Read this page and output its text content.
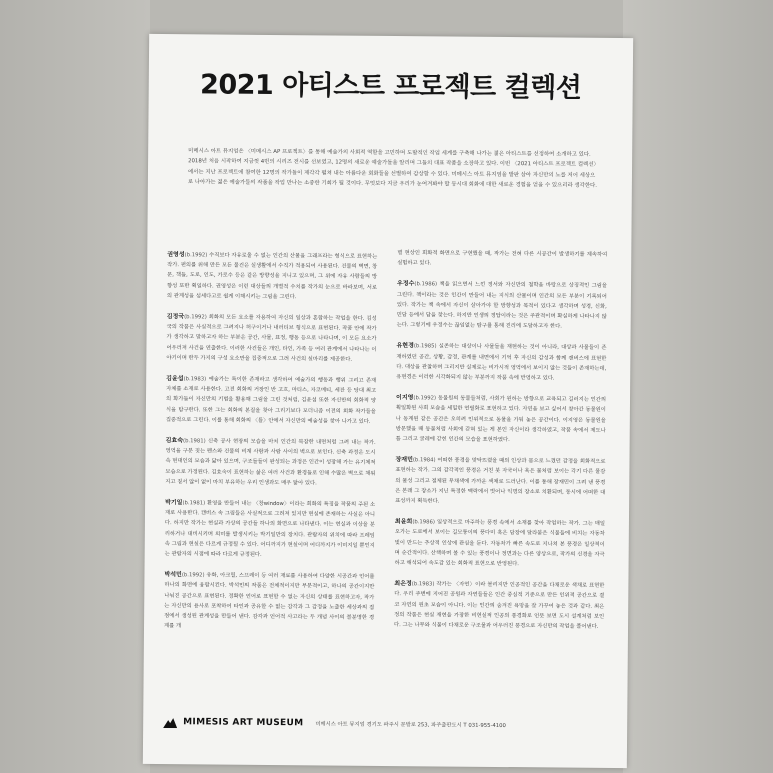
2021 아티스트 프로젝트 컬렉션
미메시스 아트 뮤지엄은 〈미메시스 AP 프로젝트〉를 통해 예술가의 사회적 역할을 고민하며 도발적인 작업 세계를 구축해 나가는 젊은 아티스트를 선정하여 소개하고 있다. 2018년 처음 시작하여 지금껏 4번의 시리즈 전시를 선보였고, 12명의 새로운 예술가들을 알리며 그들의 대표 작품을 소장하고 있다. 이번 〈2021 아티스트 프로젝트 컬렉션〉에서는 지난 프로젝트에 참여한 12명의 작가들이 제각각 펼쳐 내는 아름다운 회화들을 선별하여 감상할 수 있다. 미메시스 아트 뮤지엄을 발판 삼아 자신만의 노를 저어 세상으로 나아가는 젊은 예술가들의 작품을 작업 만나는 소중한 기회가 될 것이다. 무엇보다 지금 우리가 눈여겨봐야 할 동시대 회화에 대한 새로운 경험을 얻을 수 있으리라 생각한다.
권영성(b.1992) 수직보다 자유로울 수 없는 인간의 산물을 그래프라는 형식으로 표현하는 작가. 편의를 위해 만든 모든 물건은 실생활에서 수직가 적용되어 사용된다. 건물의 벽면, 창문, 책들, 도로, 인도, 가로수 등은 같은 방향성을 지니고 있으며, 그 위에 자유 사람들의 방향성 또한 획일하다. 권영성은 이런 대상들의 개별적 수치를 작가의 눈으로 바라보며, 서로의 관계성을 섬세다고로 쉽게 이해시키는 그림을 그린다.
김정국(b.1992) 회화의 모든 요소를 자용하여 자신의 일상과 혼합하는 작업을 한다. 김성국의 작품은 사실적으로 그려지나 허구이거나 내러티브 형식으로 표현된다. 작품 안에 작가가 생각하고 말하고자 하는 부분은 공간, 사물, 표정, 행동 등으로 나타나며, 이 모든 요소가 어우러져 사건을 연출한다. 이러한 사건들은 개인, 타인, 가족 등 여러 관계에서 나타나는 이야기이며 한두 가지의 구성 요소만을 집중적으로 그려 사건의 실마리를 제공한다.
김윤섭(b.1983) 예술가는 특이한 존재라고 생각하여 예술가의 행동과 행위 그리고 존재 자체를 소재로 사용한다. 고전 회화의 거장인 반 고흐, 마티스, 자코메티, 세잔 등 당대 최고의 화가들이 자신만의 기법을 활용해 그림을 그린 것처럼, 김윤섭 또한 자신만의 회화적 양식을 탐구한다. 또한 그는 회화의 본질을 찾아 그리기보다 모더니즘 이전의 회화 작가들을 집중적으로 그린다. 이를 통해 회화의 〈틀〉안에서 자신만의 예술성을 찾아 나가고 있다.
김효숙(b.1981) 신축 공사 현장의 모습을 마치 인간의 복잡한 내면처럼 그려 내는 작가. 영역을 구분 짓는 펜스와 건물의 비계 사람과 사람 사이의 벽으로 보인다. 신축 과정은 도시 속 현대인의 모습과 닮아 있으며, 구조들들이 완성되는 과정은 인간이 성장해 가는 유기체적 모습으로 가정된다. 김효숙이 표현하는 삶은 여러 사건과 환경들로 인해 수많은 벽으로 채워지고 짙서 않이 없이 마치 부유하는 우리 인생과도 매우 닮아 있다.
박기일(b.1981) 환영을 만들어 내는 〈창window〉이라는 회화의 특징을 작품의 주된 소재로 사용한다. 캔버스 속 그림들은 사실적으로 그려져 있지만 현실에 존재하는 사실은 아니다. 하지만 작가는 현실과 가상의 공간들 하나의 화면으로 나타낸다. 이는 현실과 이상을 분리하거나 대비시키며 의미를 발생시키는 박기일만의 장치다. 관람자의 위치에 따라 프레임 속 그림과 현실은 다르게 규정될 수 있다. 어디까지가 현실이며 어디까지가 이미지일 뿐인지는 관람자의 시점에 따라 다르게 규정된다.
박석민(b.1992) 유화, 아크릴, 스프레이 등 여러 재료를 사용하여 다양한 시공간과 언어를 하나의 화면에 융합시킨다. 박석민의 작품은 전체적이지만 부분적이고, 하나의 공간이지만 나눠진 공간으로 표현된다. 정확한 언어로 표현할 수 없는 자신의 상태를 표현하고자, 작가는 자신만의 용사로 포착하여 타인과 공유할 수 없는 감각과 그 감정을 노출한 세상과의 접점에서 생성된 관계성을 만들어 낸다. 감각과 언어적 사고라는 두 개념 사이의 불분명한 경계를 개
별 현상인 회화적 화면으로 구현했을 때, 작가는 전혀 다른 시공간이 발생하기를 계속하여 실험하고 있다.
우정수(b.1986) 책을 읽으면서 느낀 정서와 자신만의 철학을 바탕으로 상징적인 그림을 그린다. 책이라는 것은 인간이 만들어 내는 지식의 산물이며 인간의 모든 부분이 기록되어 있다. 작가는 책 속에서 자신이 살아가야 할 방향성과 목적이 있다고 생각하며 성경, 신화, 민담 등에서 답을 찾는다. 하지만 인생의 정답이라는 것은 주관적이며 확실하게 나타나지 않는다. 그렇기에 우정수는 끊임없는 탐구를 통해 진리에 도달하고자 한다.
유현경(b.1985) 실존하는 대상이나 사물들을 재현하는 것이 아니라, 대상과 사물들이 존재하였던 공간, 상황, 감정, 관계를 내면에서 기억 후 자신의 감성과 함께 캔버스에 표현한다. 대상을 관찰하며 그리지만 실제로는 비가시적 영역에서 보이지 않는 것들이 존재하는데, 유현경은 이러한 시각화되지 않는 부분까지 작품 속에 반영하고 있다.
이지영(b.1992) 동물원의 동물들처럼, 사회가 원하는 방향으로 교육되고 길러지는 인간의 획일화된 사회 모습을 세밀한 연필화로 표현하고 있다. 자연을 보고 싶어서 찾아간 동물원이나 동계된 같은 공간은 오히려 인위적으로 동물을 가둬 놓은 공간이다. 이지영은 동물원을 방문했을 때 동물처럼 사회에 갇혀 있는 게 본인 자신이라 생각하였고, 작품 속에서 제도나 틀 그리고 굴레에 갇힌 인간의 모습을 표현하였다.
장재민(b.1984) 어떠한 풍경을 맞닥뜨렸을 때의 인상과 몸으로 느꼈던 감정을 회화적으로 표현하는 작가. 그의 감각적인 풍경은 거친 붓 자국이나 흑은 물처럼 보이는 각기 다른 물감의 물성 그리고 절제된 무채색에 가까운 색채로 드러난다. 이를 통해 장재민이 그려 낸 풍경은 본래 그 장소가 지닌 특정한 맥락에서 벗어나 익명의 장소로 치환되며, 동시에 어떠한 대표성까지 획득한다.
최윤희(b.1986) 일상적으로 마주하는 풍경 속에서 소재를 찾아 작업하는 작가. 그는 매일 오가는 도로에서 보이는 길모퉁이의 풍다미 혹은 담장에 달라붙은 식물들에 비치는 자동차 빛이 만드는 추상적 인상에 관심을 둔다. 자동차가 빠른 속도로 지나쳐 본 풍경은 일상적이며 순간적이다. 산책하며 볼 수 있는 풍경이나 정면과는 다른 양상으로, 작가의 신경을 자극하고 해석되어 속도감 있는 회화적 표현으로 반영된다.
최은정(b.1983) 작가는 〈자연〉이라 불리지만 인공적인 공간을 다채로운 색채로 표현한다. 우리 주변에 지어진 공원과 자연들들은 인간 중심적 기준으로 만든 인위적 공간으로 결코 자연의 원초 모습이 아니다. 이는 인간의 숨겨진 욕망을 잘 가꾸어 놓은 것과 같다. 최은정의 작품은 현실 재현을 가장한 비현실적 인공의 풍경화로 언뜻 보면 도시 설계처럼 보인다. 그는 나무와 식물이 다채로운 구조물과 어우러진 풍경으로 자신만의 작업을 풀어낸다.
MIMESIS ART MUSEUM 미메시스 아트 뮤지엄 경기도 파주시 문발로 253, 파주출판도시 T 031-955-4100
